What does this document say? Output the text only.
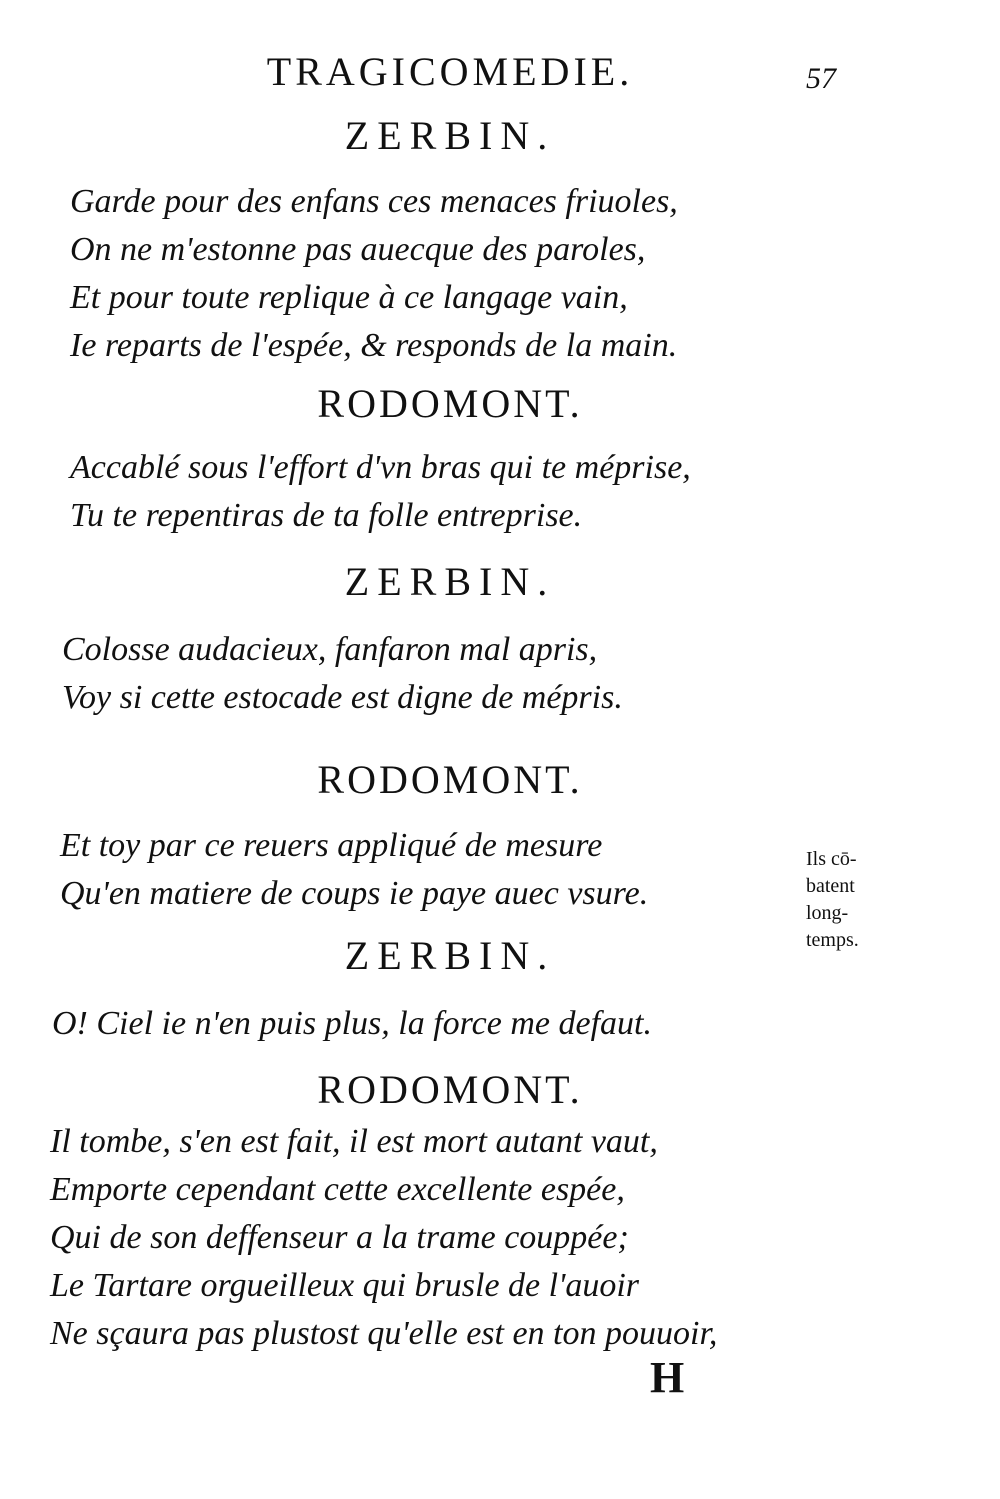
TRAGICOMEDIE.	57
ZERBIN.
Garde pour des enfans ces menaces friuoles,
On ne m'estonne pas auecque des paroles,
Et pour toute replique à ce langage vain,
Ie reparts de l'espée, & responds de la main.
RODOMONT.
Accablé sous l'effort d'vn bras qui te méprise,
Tu te repentiras de ta folle entreprise.
ZERBIN.
Colosse audacieux, fanfaron mal apris,
Voy si cette estocade est digne de mépris.
RODOMONT.
Et toy par ce reuers appliqué de mesure
Qu'en matiere de coups ie paye auec vsure.
Ils cō-
batent
long-
temps.
ZERBIN.
O! Ciel ie n'en puis plus, la force me defaut.
RODOMONT.
Il tombe, s'en est fait, il est mort autant vaut,
Emporte cependant cette excellente espée,
Qui de son deffenseur a la trame couppée;
Le Tartare orgueilleux qui brusle de l'auoir
Ne sçaura pas plustost qu'elle est en ton pouuoir,
H
